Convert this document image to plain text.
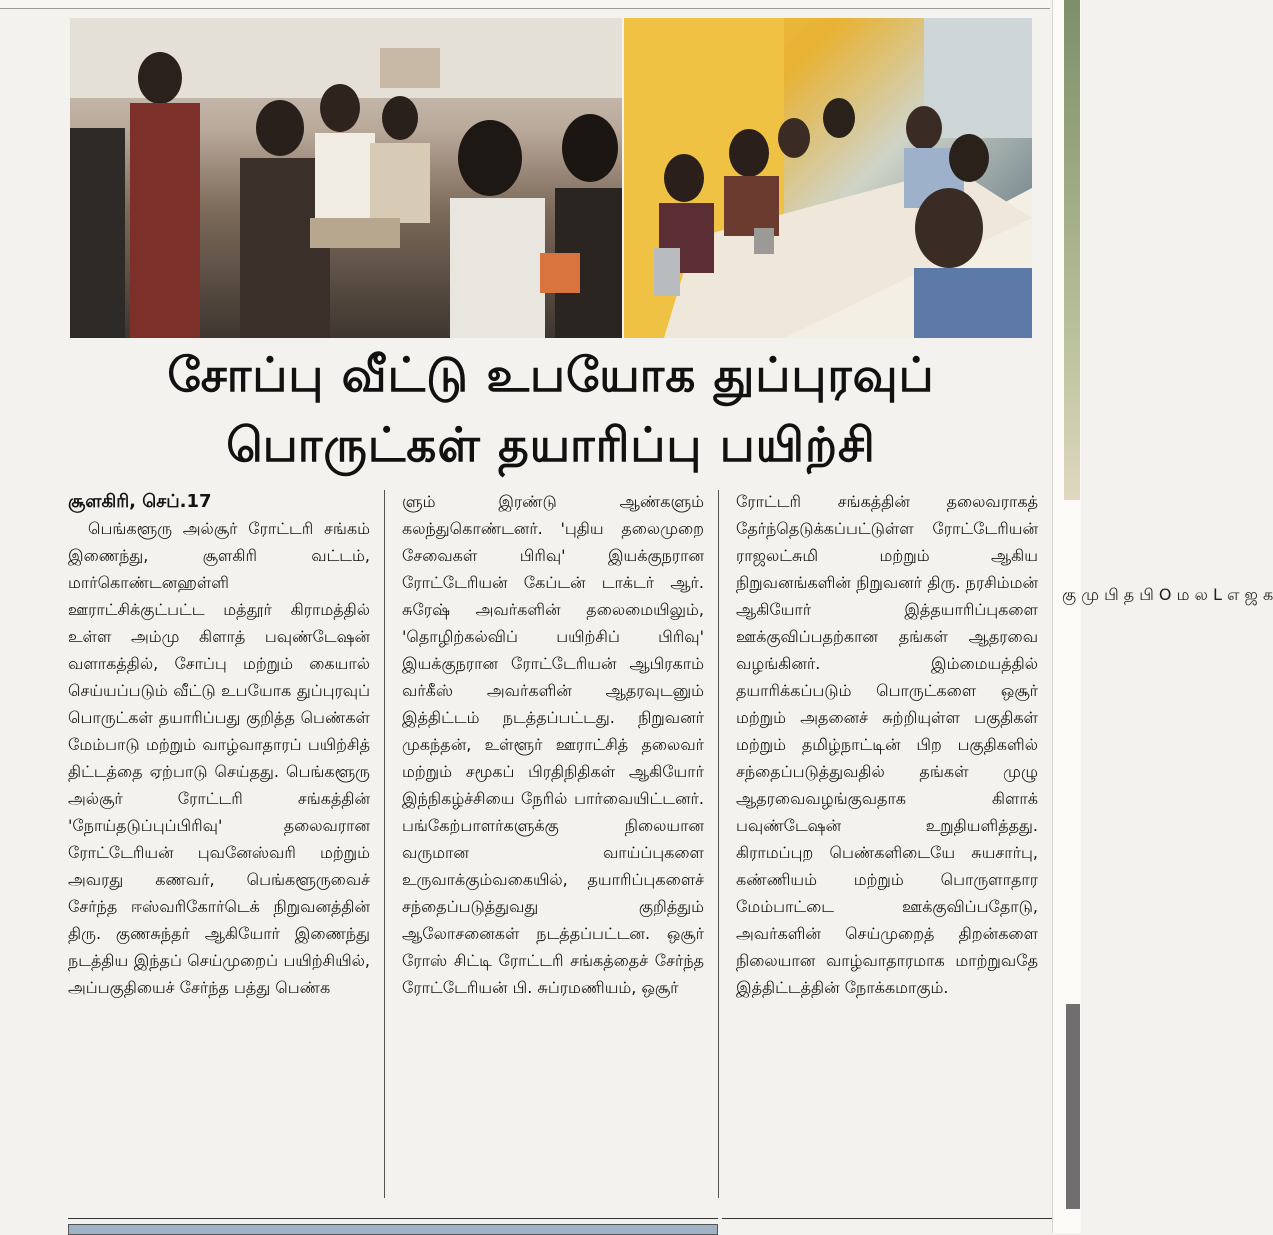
சோப்பு வீட்டு உபயோக துப்புரவுப்
பொருட்கள் தயாரிப்பு பயிற்சி
சூளகிரி, செப்.17
பெங்களூரு அல்சூர் ரோட்டரி சங்கம் இணைந்து, சூளகிரி வட்டம், மார்கொண்டனஹள்ளி ஊராட்சிக்குட்பட்ட மத்தூர் கிராமத்தில் உள்ள அம்மு கிளாத் பவுண்டேஷன் வளாகத்தில், சோப்பு மற்றும் கையால் செய்யப்படும் வீட்டு உபயோக துப்புரவுப் பொருட்கள் தயாரிப்பது குறித்த பெண்கள் மேம்பாடு மற்றும் வாழ்வாதாரப் பயிற்சித் திட்டத்தை ஏற்பாடு செய்தது. பெங்களூரு அல்சூர் ரோட்டரி சங்கத்தின் 'நோய்தடுப்புப்பிரிவு' தலைவரான ரோட்டேரியன் புவனேஸ்வரி மற்றும் அவரது கணவர், பெங்களூருவைச் சேர்ந்த ஈஸ்வரிகோர்டெக் நிறுவனத்தின் திரு. குணசுந்தர் ஆகியோர் இணைந்து நடத்திய இந்தப் செய்முறைப் பயிற்சியில், அப்பகுதியைச் சேர்ந்த பத்து பெண்க
ளும் இரண்டு ஆண்களும் கலந்துகொண்டனர். 'புதிய தலைமுறை சேவைகள் பிரிவு' இயக்குநரான ரோட்டேரியன் கேப்டன் டாக்டர் ஆர். சுரேஷ் அவர்களின் தலைமையிலும், 'தொழிற்கல்விப் பயிற்சிப் பிரிவு' இயக்குநரான ரோட்டேரியன் ஆபிரகாம் வர்கீஸ் அவர்களின் ஆதரவுடனும் இத்திட்டம் நடத்தப்பட்டது. நிறுவனர் முகந்தன், உள்ளூர் ஊராட்சித் தலைவர் மற்றும் சமூகப் பிரதிநிதிகள் ஆகியோர் இந்நிகழ்ச்சியை நேரில் பார்வையிட்டனர். பங்கேற்பாளர்களுக்கு நிலையான வருமான வாய்ப்புகளை உருவாக்கும்வகையில், தயாரிப்புகளைச் சந்தைப்படுத்துவது குறித்தும் ஆலோசனைகள் நடத்தப்பட்டன. ஒசூர் ரோஸ் சிட்டி ரோட்டரி சங்கத்தைச் சேர்ந்த ரோட்டேரியன் பி. சுப்ரமணியம், ஒசூர்
ரோட்டரி சங்கத்தின் தலைவராகத் தேர்ந்தெடுக்கப்பட்டுள்ள ரோட்டேரியன் ராஜலட்சுமி மற்றும் ஆகிய நிறுவனங்களின் நிறுவனர் திரு. நரசிம்மன் ஆகியோர் இத்தயாரிப்புகளை ஊக்குவிப்பதற்கான தங்கள் ஆதரவை வழங்கினர். இம்மையத்தில் தயாரிக்கப்படும் பொருட்களை ஒசூர் மற்றும் அதனைச் சுற்றியுள்ள பகுதிகள் மற்றும் தமிழ்நாட்டின் பிற பகுதிகளில் சந்தைப்படுத்துவதில் தங்கள் முழு ஆதரவைவழங்குவதாக கிளாக் பவுண்டேஷன் உறுதியளித்தது. கிராமப்புற பெண்களிடையே சுயசார்பு, கண்ணியம் மற்றும் பொருளாதார மேம்பாட்டை ஊக்குவிப்பதோடு, அவர்களின் செய்முறைத் திறன்களை நிலையான வாழ்வாதாரமாக மாற்றுவதே இத்திட்டத்தின் நோக்கமாகும்.
கு மு பி த பி O ம ல L எ ஜ க
